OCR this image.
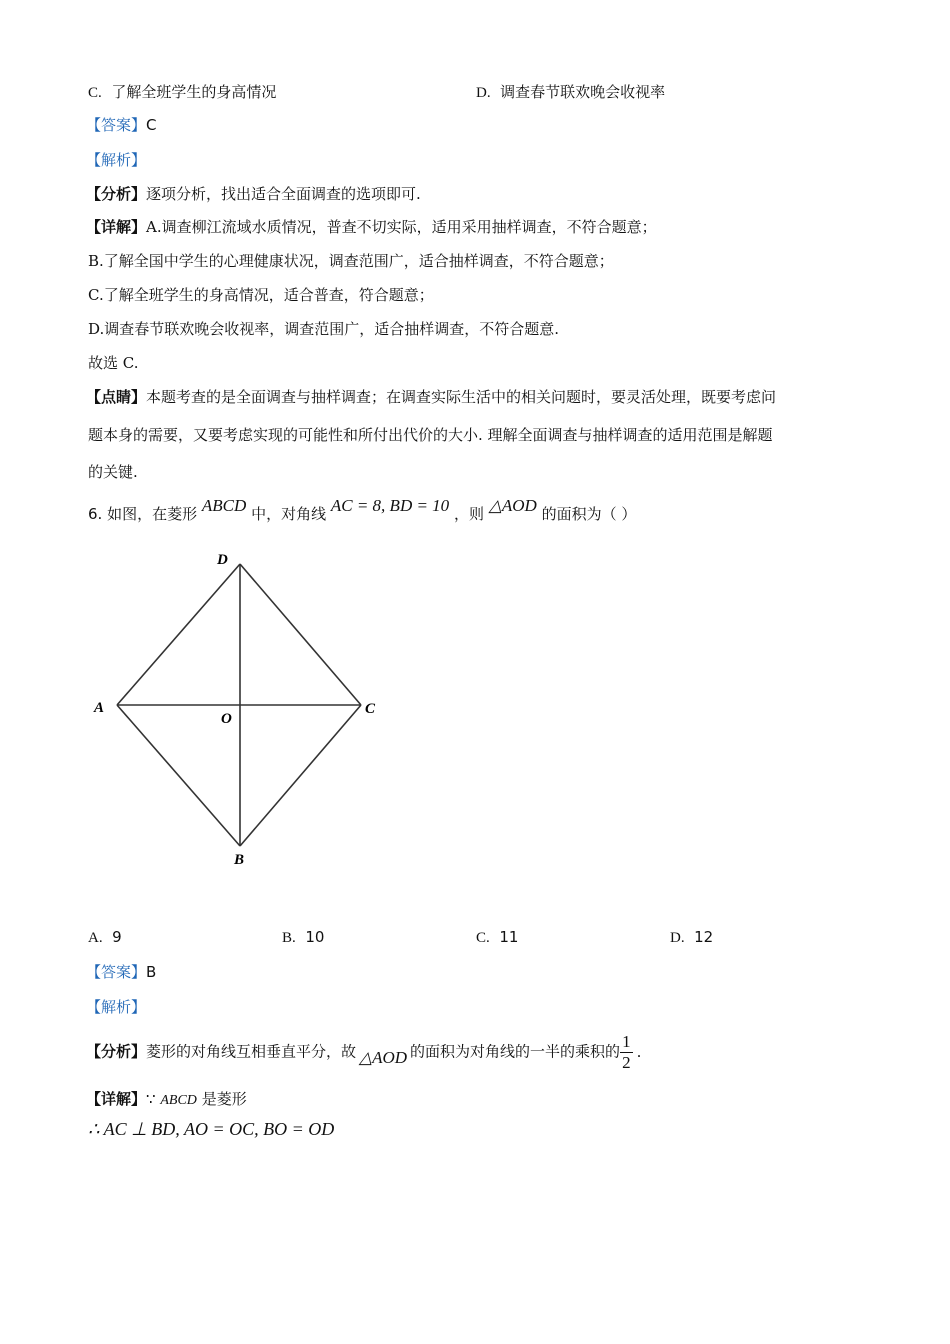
C. 了解全班学生的身高情况	D. 调查春节联欢晚会收视率
【答案】C
【解析】
【分析】逐项分析，找出适合全面调查的选项即可.
【详解】A.调查柳江流域水质情况，普查不切实际，适用采用抽样调查，不符合题意；
B.了解全国中学生的心理健康状况，调查范围广，适合抽样调查，不符合题意；
C.了解全班学生的身高情况，适合普查，符合题意；
D.调查春节联欢晚会收视率，调查范围广，适合抽样调查，不符合题意.
故选 C.
【点睛】本题考查的是全面调查与抽样调查；在调查实际生活中的相关问题时，要灵活处理，既要考虑问
题本身的需要，又要考虑实现的可能性和所付出代价的大小. 理解全面调查与抽样调查的适用范围是解题
的关键.
6. 如图，在菱形 ABCD 中，对角线 AC = 8, BD = 10 ，则 △AOD 的面积为（ ）
D
A
O
C
B
A. 9	B. 10	C. 11	D. 12
【答案】B
【解析】
【分析】菱形的对角线互相垂直平分，故 △AOD 的面积为对角线的一半的乘积的 $\frac{1}{2}$ .
【详解】∵ ABCD 是菱形
∴ AC ⊥ BD, AO = OC, BO = OD
